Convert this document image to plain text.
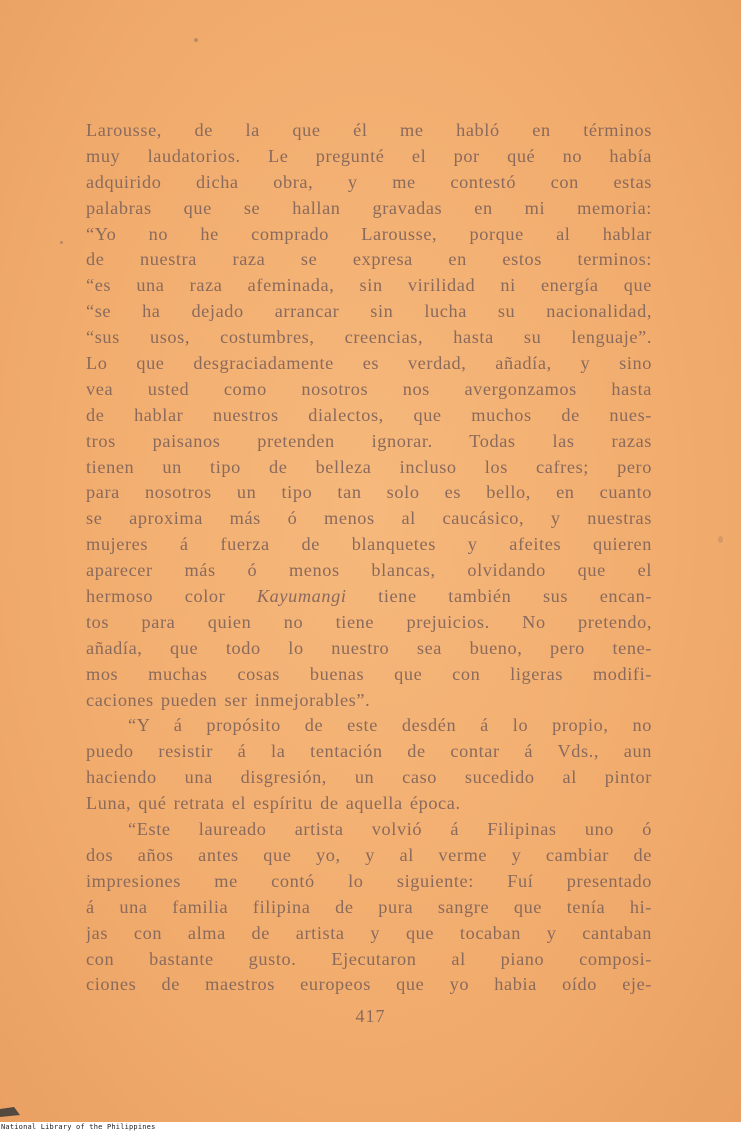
Larousse, de la que él me habló en términos
muy laudatorios. Le pregunté el por qué no había
adquirido dicha obra, y me contestó con estas
palabras que se hallan gravadas en mi memoria:
“Yo no he comprado Larousse, porque al hablar
de nuestra raza se expresa en estos terminos:
“es una raza afeminada, sin virilidad ni energía que
“se ha dejado arrancar sin lucha su nacionalidad,
“sus usos, costumbres, creencias, hasta su lenguaje”.
Lo que desgraciadamente es verdad, añadía, y sino
vea usted como nosotros nos avergonzamos hasta
de hablar nuestros dialectos, que muchos de nues-
tros paisanos pretenden ignorar. Todas las razas
tienen un tipo de belleza incluso los cafres; pero
para nosotros un tipo tan solo es bello, en cuanto
se aproxima más ó menos al caucásico, y nuestras
mujeres á fuerza de blanquetes y afeites quieren
aparecer más ó menos blancas, olvidando que el
hermoso color Kayumangi tiene también sus encan-
tos para quien no tiene prejuicios. No pretendo,
añadía, que todo lo nuestro sea bueno, pero tene-
mos muchas cosas buenas que con ligeras modifi-
caciones pueden ser inmejorables”.
“Y á propósito de este desdén á lo propio, no
puedo resistir á la tentación de contar á Vds., aun
haciendo una disgresión, un caso sucedido al pintor
Luna, qué retrata el espíritu de aquella época.
“Este laureado artista volvió á Filipinas uno ó
dos años antes que yo, y al verme y cambiar de
impresiones me contó lo siguiente: Fuí presentado
á una familia filipina de pura sangre que tenía hi-
jas con alma de artista y que tocaban y cantaban
con bastante gusto. Ejecutaron al piano composi-
ciones de maestros europeos que yo habia oído eje-
417
National Library of the Philippines
